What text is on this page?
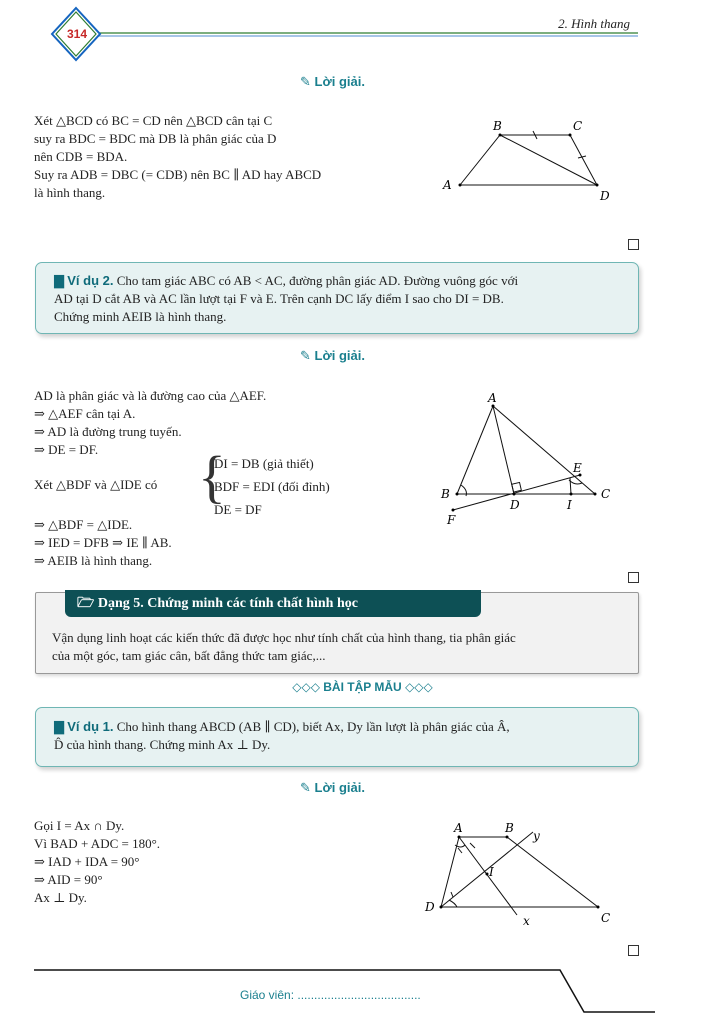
314
2. Hình thang
✎ Lời giải.
Xét △BCD có BC = CD nên △BCD cân tại C
suy ra BDC = BDC mà DB là phân giác của D
nên CDB = BDA.
Suy ra ADB = DBC (= CDB) nên BC ∥ AD hay ABCD
là hình thang.
B	C
A
D
▇ Ví dụ 2. Cho tam giác ABC có AB < AC, đường phân giác AD. Đường vuông góc với
AD tại D cắt AB và AC lần lượt tại F và E. Trên cạnh DC lấy điểm I sao cho DI = DB.
Chứng minh AEIB là hình thang.
✎ Lời giải.
AD là phân giác và là đường cao của △AEF.
⇒ △AEF cân tại A.
⇒ AD là đường trung tuyến.
⇒ DE = DF.
Xét △BDF và △IDE có {
DI = DB (giả thiết)
BDF = EDI (đối đỉnh)
DE = DF
⇒ △BDF = △IDE.
⇒ IED = DFB ⇒ IE ∥ AB.
⇒ AEIB là hình thang.
A
E
B	C
D	I
F
Vận dụng linh hoạt các kiến thức đã được học như tính chất của hình thang, tia phân giác
của một góc, tam giác cân, bất đẳng thức tam giác,...
🗁 Dạng 5. Chứng minh các tính chất hình học
◇◇◇ BÀI TẬP MẪU ◇◇◇
▇ Ví dụ 1. Cho hình thang ABCD (AB ∥ CD), biết Ax, Dy lần lượt là phân giác của Â,
D̂ của hình thang. Chứng minh Ax ⊥ Dy.
✎ Lời giải.
Gọi I = Ax ∩ Dy.
Vì BAD + ADC = 180°.
⇒ IAD + IDA = 90°
⇒ AID = 90°
Ax ⊥ Dy.
A	B
y
I
D
x	C
Giáo viên: .....................................
